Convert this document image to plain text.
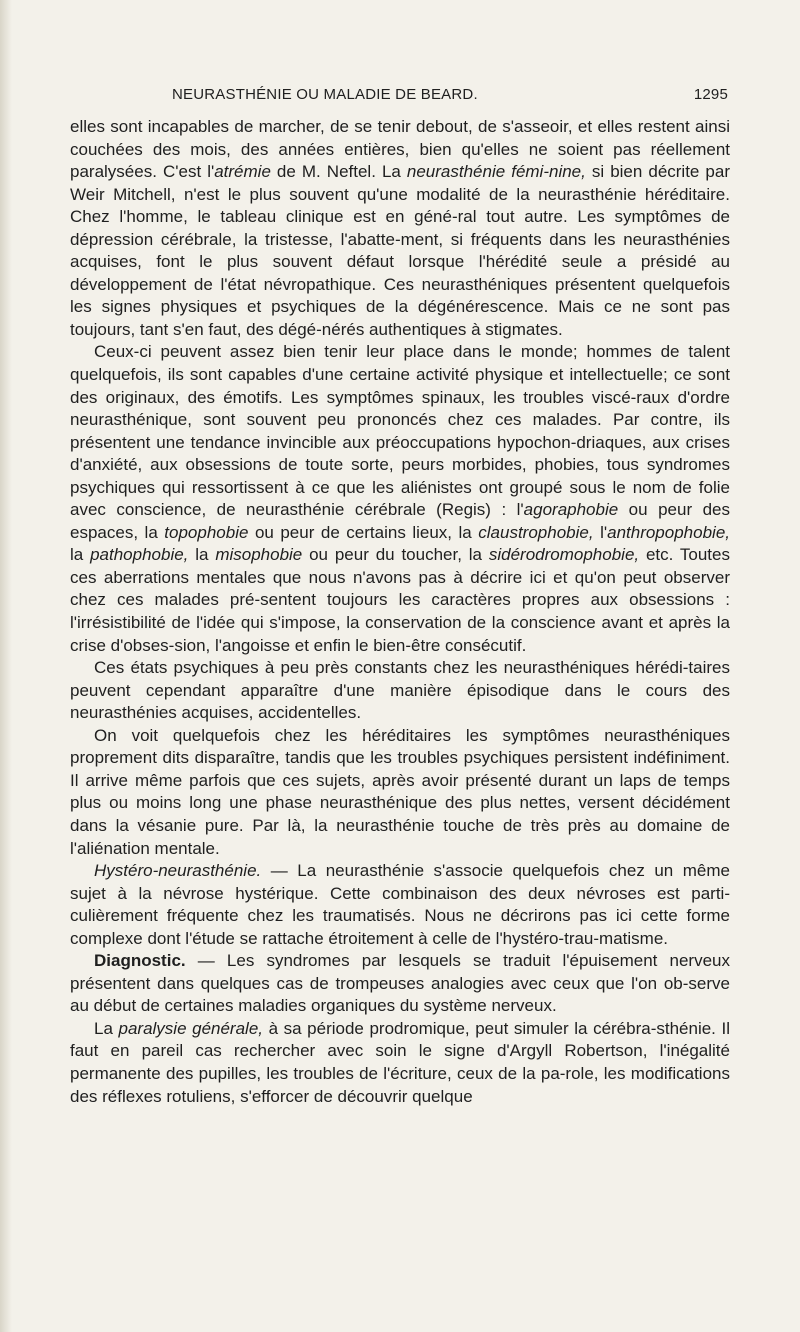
NEURASTHÉNIE OU MALADIE DE BEARD.	1295

elles sont incapables de marcher, de se tenir debout, de s'asseoir, et elles restent ainsi couchées des mois, des années entières, bien qu'elles ne soient pas réellement paralysées. C'est l'atrémie de M. Neftel. La neurasthénie fémi-nine, si bien décrite par Weir Mitchell, n'est le plus souvent qu'une modalité de la neurasthénie héréditaire. Chez l'homme, le tableau clinique est en géné-ral tout autre. Les symptômes de dépression cérébrale, la tristesse, l'abatte-ment, si fréquents dans les neurasthénies acquises, font le plus souvent défaut lorsque l'hérédité seule a présidé au développement de l'état névropathique. Ces neurasthéniques présentent quelquefois les signes physiques et psychiques de la dégénérescence. Mais ce ne sont pas toujours, tant s'en faut, des dégé-nérés authentiques à stigmates.

Ceux-ci peuvent assez bien tenir leur place dans le monde; hommes de talent quelquefois, ils sont capables d'une certaine activité physique et intellectuelle; ce sont des originaux, des émotifs. Les symptômes spinaux, les troubles viscé-raux d'ordre neurasthénique, sont souvent peu prononcés chez ces malades. Par contre, ils présentent une tendance invincible aux préoccupations hypochon-driaques, aux crises d'anxiété, aux obsessions de toute sorte, peurs morbides, phobies, tous syndromes psychiques qui ressortissent à ce que les aliénistes ont groupé sous le nom de folie avec conscience, de neurasthénie cérébrale (Regis) : l'agoraphobie ou peur des espaces, la topophobie ou peur de certains lieux, la claustrophobie, l'anthropophobie, la pathophobie, la misophobie ou peur du toucher, la sidérodromophobie, etc. Toutes ces aberrations mentales que nous n'avons pas à décrire ici et qu'on peut observer chez ces malades pré-sentent toujours les caractères propres aux obsessions : l'irrésistibilité de l'idée qui s'impose, la conservation de la conscience avant et après la crise d'obses-sion, l'angoisse et enfin le bien-être consécutif.

Ces états psychiques à peu près constants chez les neurasthéniques hérédi-taires peuvent cependant apparaître d'une manière épisodique dans le cours des neurasthénies acquises, accidentelles.

On voit quelquefois chez les héréditaires les symptômes neurasthéniques proprement dits disparaître, tandis que les troubles psychiques persistent indéfiniment. Il arrive même parfois que ces sujets, après avoir présenté durant un laps de temps plus ou moins long une phase neurasthénique des plus nettes, versent décidément dans la vésanie pure. Par là, la neurasthénie touche de très près au domaine de l'aliénation mentale.

Hystéro-neurasthénie. — La neurasthénie s'associe quelquefois chez un même sujet à la névrose hystérique. Cette combinaison des deux névroses est parti-culièrement fréquente chez les traumatisés. Nous ne décrirons pas ici cette forme complexe dont l'étude se rattache étroitement à celle de l'hystéro-trau-matisme.

Diagnostic. — Les syndromes par lesquels se traduit l'épuisement nerveux présentent dans quelques cas de trompeuses analogies avec ceux que l'on ob-serve au début de certaines maladies organiques du système nerveux.

La paralysie générale, à sa période prodromique, peut simuler la cérébra-sthénie. Il faut en pareil cas rechercher avec soin le signe d'Argyll Robertson, l'inégalité permanente des pupilles, les troubles de l'écriture, ceux de la pa-role, les modifications des réflexes rotuliens, s'efforcer de découvrir quelque
